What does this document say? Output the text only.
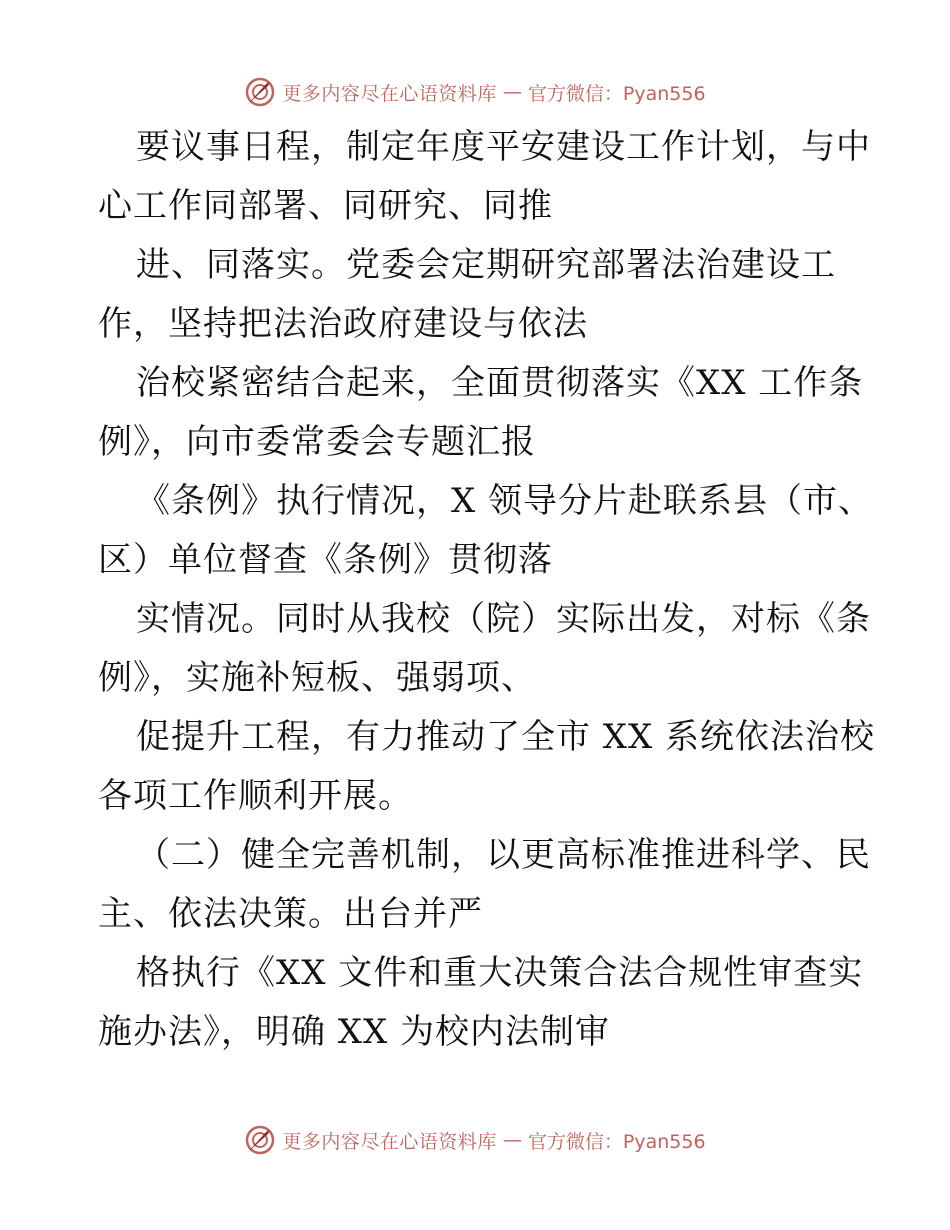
更多内容尽在心语资料库 — 官方微信：Pyan556
要议事日程，制定年度平安建设工作计划，与中
心工作同部署、同研究、同推
进、同落实。党委会定期研究部署法治建设工
作，坚持把法治政府建设与依法
治校紧密结合起来，全面贯彻落实《XX 工作条
例》，向市委常委会专题汇报
《条例》执行情况，X 领导分片赴联系县（市、
区）单位督查《条例》贯彻落
实情况。同时从我校（院）实际出发，对标《条
例》，实施补短板、强弱项、
促提升工程，有力推动了全市 XX 系统依法治校
各项工作顺利开展。
（二）健全完善机制，以更高标准推进科学、民
主、依法决策。出台并严
格执行《XX 文件和重大决策合法合规性审查实
施办法》，明确 XX 为校内法制审
更多内容尽在心语资料库 — 官方微信：Pyan556
